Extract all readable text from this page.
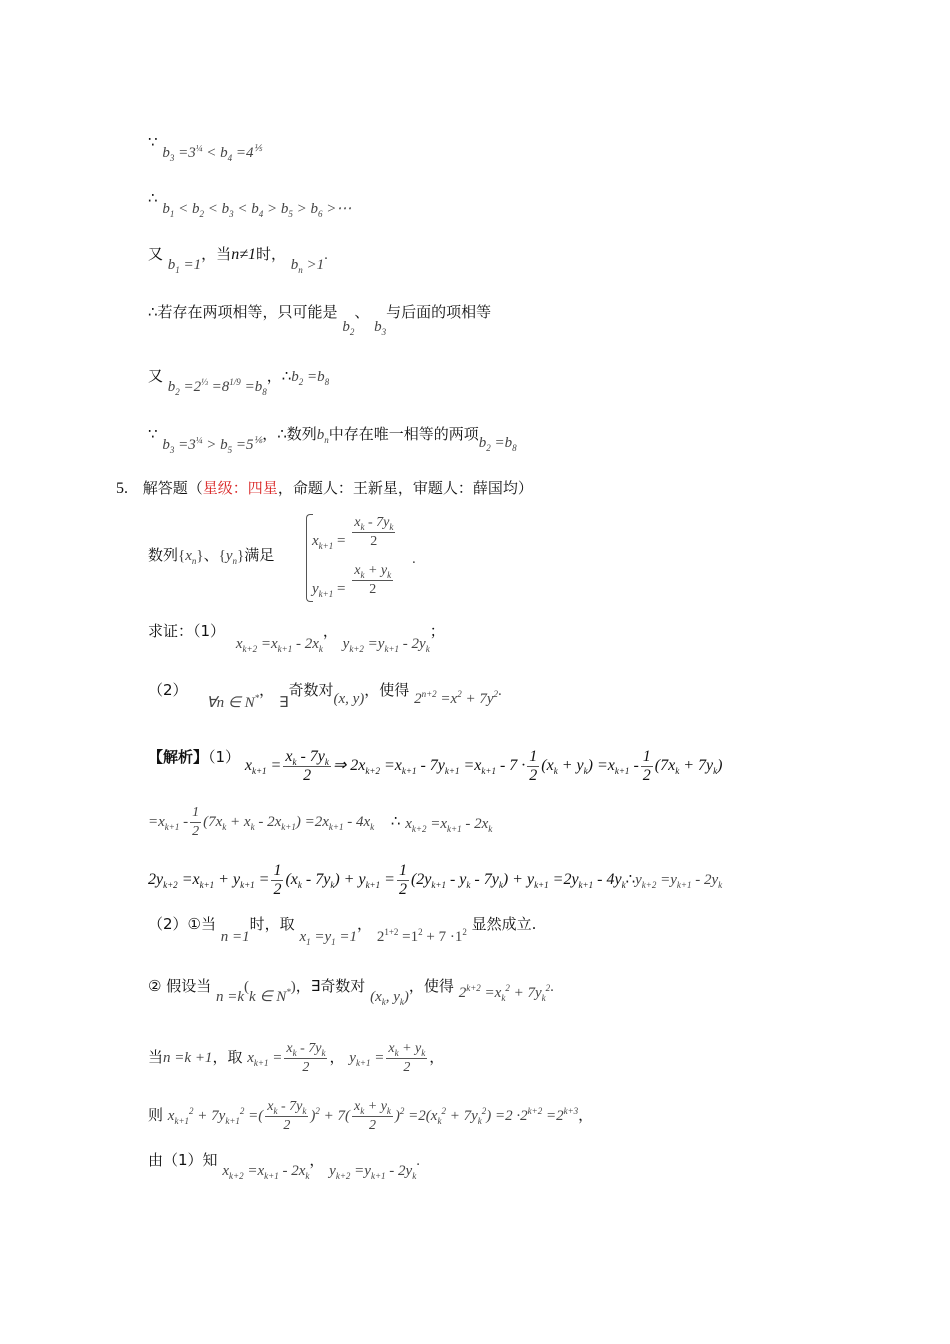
∵ $b_3 =3^{\frac{1}{4}} < b_4 =4^{\frac{1}{5}}$
∴ $b_1 < b_2 < b_3 < b_4 > b_5 > b_6$ >⋯
又 $b_1 =1$，当n≠1时， $b_n >1$.
∴若存在两项相等，只可能是 $b_2$、 $b_3$与后面的项相等
又 $b_2 =2^{\frac{1}{3}} =8^{1/9} =b_8$，$\therefore b_2 =b_8$
∵ $b_3 =3^{\frac{1}{4}} > b_5 =5^{\frac{1}{6}}$，∴数列$b_n$中存在唯一相等的两项$b_2 =b_8$
5. 解答题（星级：四星，命题人：王新星，审题人：薛国均）
数列$\{x_n\}$、$\{y_n\}$满足
$x_{k+1} = \frac{x_k - 7y_k}{2}$
$y_{k+1} = \frac{x_k + y_k}{2}$
.
求证：（1） $x_{k+2} =x_{k+1} - 2x_k$， $y_{k+2} =y_{k+1} - 2y_k$；
（2） ∀n ∈ N*， ∃奇数对(x, y)，使得 $2^{n+2} =x^2 + 7y^2$.
【解析】（1） $x_{k+1} = \frac{x_k - 7y_k}{2}$ ⇒ $2x_{k+2} =x_{k+1} - 7y_{k+1} =x_{k+1} - 7 \cdot \frac{1}{2} (x_k + y_k) =x_{k+1} - \frac{1}{2} (7x_k + 7y_k)$
$=x_{k+1} - \frac{1}{2} (7x_k + x_k - 2x_{k+1}) =2x_{k+1} - 4x_k$ ∴ $x_{k+2} =x_{k+1} - 2x_k$
$2y_{k+2} =x_{k+1} + y_{k+1} = \frac{1}{2} (x_k - 7y_k) + y_{k+1} = \frac{1}{2} (2y_{k+1} - y_k - 7y_k) + y_{k+1} =2y_{k+1}$ - $4y_k\therefore y_{k+2} =y_{k+1} - 2y_k$
（2）①当 n =1时，取 $x_1 =y_1 =1$， $2^{1+2} =1^2 + 7 \cdot 1^2$ 显然成立.
② 假设当 n =k(k ∈ N*)，∃奇数对 ($x_k$, $y_k$)，使得 $2^{k+2} =x_k^2 + 7y_k^2$.
当n =k +1，取 $x_{k+1} = \frac{x_k - 7y_k}{2}$ ， $y_{k+1} = \frac{x_k + y_k}{2}$ ，
则 $x_{k+1}^2 + 7y_{k+1}^2$ =( $\frac{x_k - 7y_k}{2} )^2 + 7( \frac{x_k + y_k}{2} )^2 =2(x_k^2 + 7y_k^2) =2 \cdot 2^{k+2} =2^{k+3}$，
由（1）知 $x_{k+2} =x_{k+1} - 2x_k$， $y_{k+2} =y_{k+1} - 2y_k$.
